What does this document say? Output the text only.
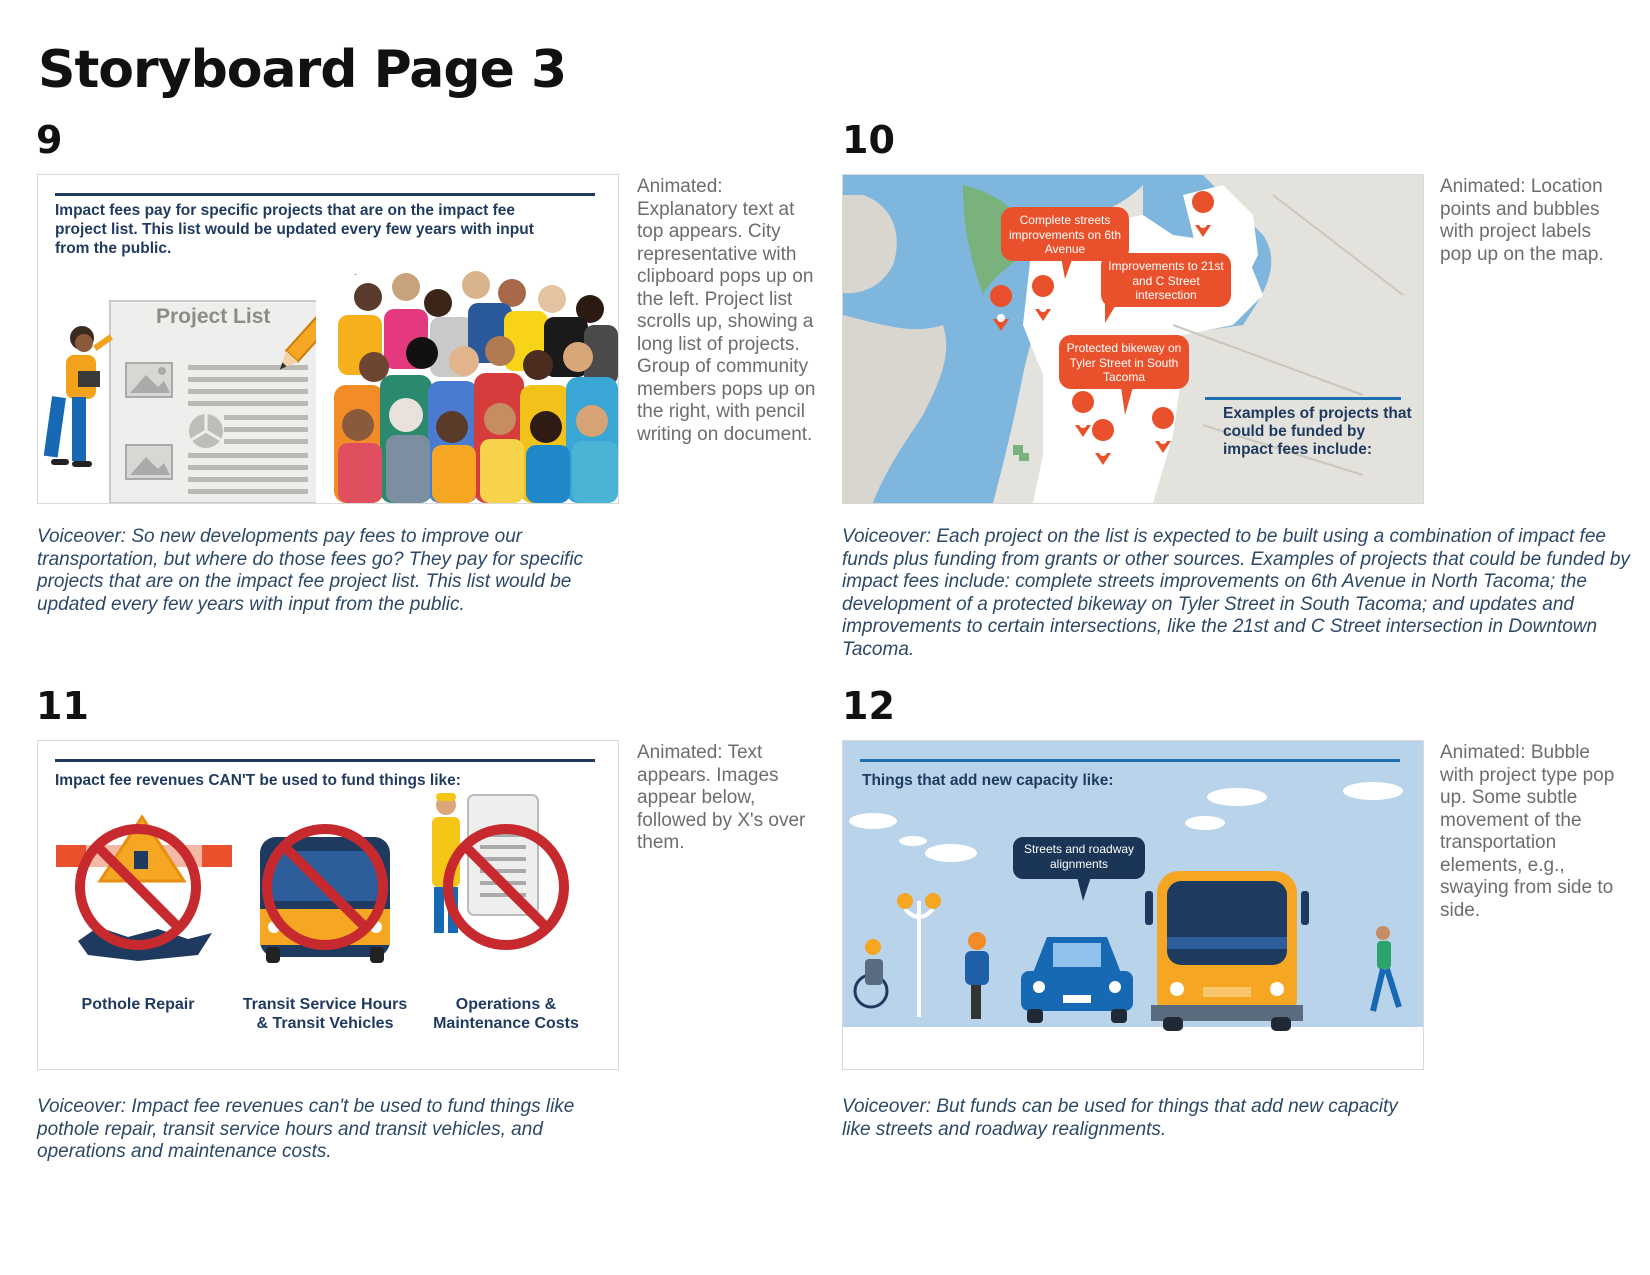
Storyboard Page 3
9
Impact fees pay for specific projects that are on the impact fee project list. This list would be updated every few years with input from the public.
Project List
Animated: Explanatory text at top appears. City representative with clipboard pops up on the left. Project list scrolls up, showing a long list of projects. Group of community members pops up on the right, with pencil writing on document.
Voiceover: So new developments pay fees to improve our transportation, but where do those fees go? They pay for specific projects that are on the impact fee project list. This list would be updated every few years with input from the public.
10
Complete streets improvements on 6th Avenue
Improvements to 21st and C Street intersection
Protected bikeway on Tyler Street in South Tacoma
Examples of projects that could be funded by impact fees include:
Animated: Location points and bubbles with project labels pop up on the map.
Voiceover: Each project on the list is expected to be built using a combination of impact fee funds plus funding from grants or other sources. Examples of projects that could be funded by impact fees include: complete streets improvements on 6th Avenue in North Tacoma; the development of a protected bikeway on Tyler Street in South Tacoma; and updates and improvements to certain intersections, like the 21st and C Street intersection in Downtown Tacoma.
11
Impact fee revenues CAN'T be used to fund things like:
Pothole Repair	Transit Service Hours & Transit Vehicles
Operations & Maintenance Costs
Animated: Text appears. Images appear below, followed by X's over them.
Voiceover: Impact fee revenues can't be used to fund things like pothole repair, transit service hours and transit vehicles, and operations and maintenance costs.
12
Things that add new capacity like:
Streets and roadway alignments
Animated: Bubble with project type pop up. Some subtle movement of the transportation elements, e.g., swaying from side to side.
Voiceover: But funds can be used for things that add new capacity like streets and roadway realignments.
